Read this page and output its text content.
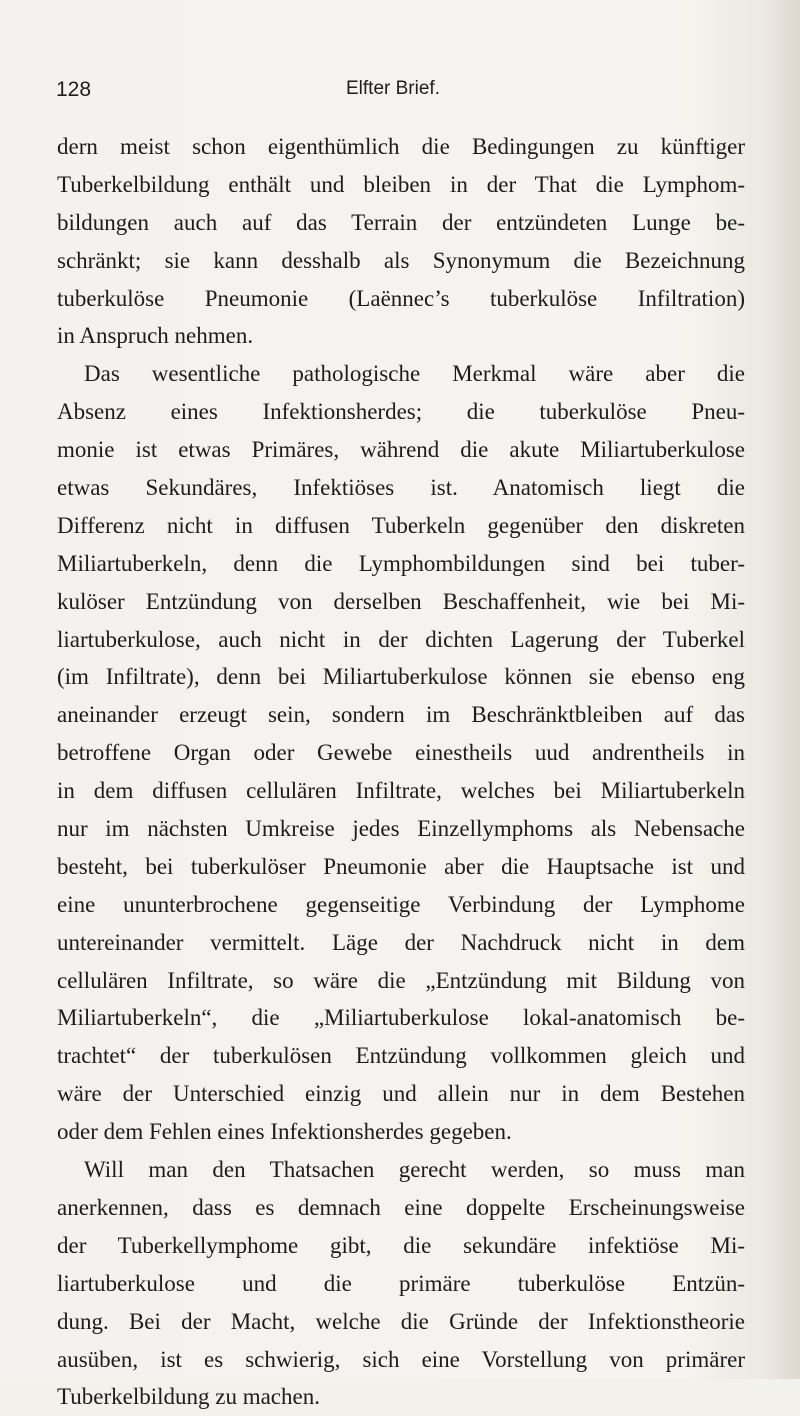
128	Elfter Brief.
dern meist schon eigenthümlich die Bedingungen zu künftiger
Tuberkelbildung enthält und bleiben in der That die Lymphom-
bildungen auch auf das Terrain der entzündeten Lunge be-
schränkt; sie kann desshalb als Synonymum die Bezeichnung
tuberkulöse Pneumonie (Laënnec’s tuberkulöse Infiltration)
in Anspruch nehmen.
Das wesentliche pathologische Merkmal wäre aber die
Absenz eines Infektionsherdes; die tuberkulöse Pneu-
monie ist etwas Primäres, während die akute Miliartuberkulose
etwas Sekundäres, Infektiöses ist. Anatomisch liegt die
Differenz nicht in diffusen Tuberkeln gegenüber den diskreten
Miliartuberkeln, denn die Lymphombildungen sind bei tuber-
kulöser Entzündung von derselben Beschaffenheit, wie bei Mi-
liartuberkulose, auch nicht in der dichten Lagerung der Tuberkel
(im Infiltrate), denn bei Miliartuberkulose können sie ebenso eng
aneinander erzeugt sein, sondern im Beschränktbleiben auf das
betroffene Organ oder Gewebe einestheils uud andrentheils in
in dem diffusen cellulären Infiltrate, welches bei Miliartuberkeln
nur im nächsten Umkreise jedes Einzellymphoms als Nebensache
besteht, bei tuberkulöser Pneumonie aber die Hauptsache ist und
eine ununterbrochene gegenseitige Verbindung der Lymphome
untereinander vermittelt. Läge der Nachdruck nicht in dem
cellulären Infiltrate, so wäre die „Entzündung mit Bildung von
Miliartuberkeln“, die „Miliartuberkulose lokal-anatomisch be-
trachtet“ der tuberkulösen Entzündung vollkommen gleich und
wäre der Unterschied einzig und allein nur in dem Bestehen
oder dem Fehlen eines Infektionsherdes gegeben.
Will man den Thatsachen gerecht werden, so muss man
anerkennen, dass es demnach eine doppelte Erscheinungsweise
der Tuberkellymphome gibt, die sekundäre infektiöse Mi-
liartuberkulose und die primäre tuberkulöse Entzün-
dung. Bei der Macht, welche die Gründe der Infektionstheorie
ausüben, ist es schwierig, sich eine Vorstellung von primärer
Tuberkelbildung zu machen.
